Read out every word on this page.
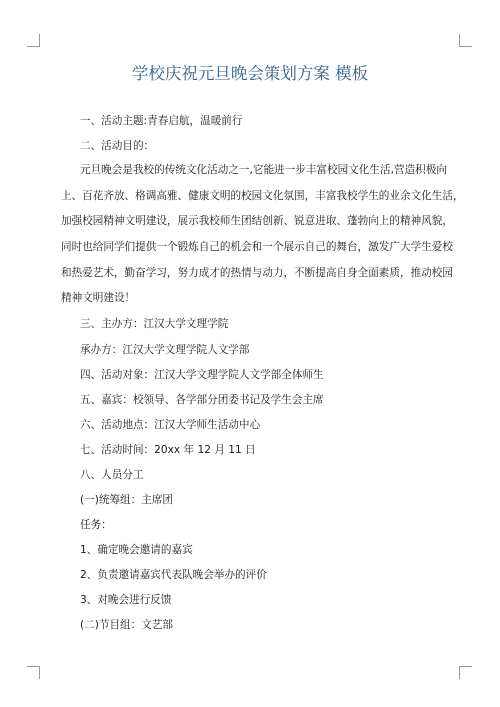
学校庆祝元旦晚会策划方案 模板
一、活动主题:青春启航，温暖前行
二、活动目的：
元旦晚会是我校的传统文化活动之一,它能进一步丰富校园文化生活,营造积极向
上、百花齐放、格调高雅、健康文明的校园文化氛围，丰富我校学生的业余文化生活，
加强校园精神文明建设，展示我校师生团结创新、锐意进取、蓬勃向上的精神风貌，
同时也给同学们提供一个锻炼自己的机会和一个展示自己的舞台，激发广大学生爱校
和热爱艺术，勤奋学习，努力成才的热情与动力，不断提高自身全面素质，推动校园
精神文明建设！
三、主办方：江汉大学文理学院
承办方：江汉大学文理学院人文学部
四、活动对象：江汉大学文理学院人文学部全体师生
五、嘉宾：校领导、各学部分团委书记及学生会主席
六、活动地点：江汉大学师生活动中心
七、活动时间：20xx 年 12 月 11 日
八、人员分工
(一)统筹组：主席团
任务：
1、确定晚会邀请的嘉宾
2、负责邀请嘉宾代表队晚会举办的评价
3、对晚会进行反馈
(二)节目组：文艺部
